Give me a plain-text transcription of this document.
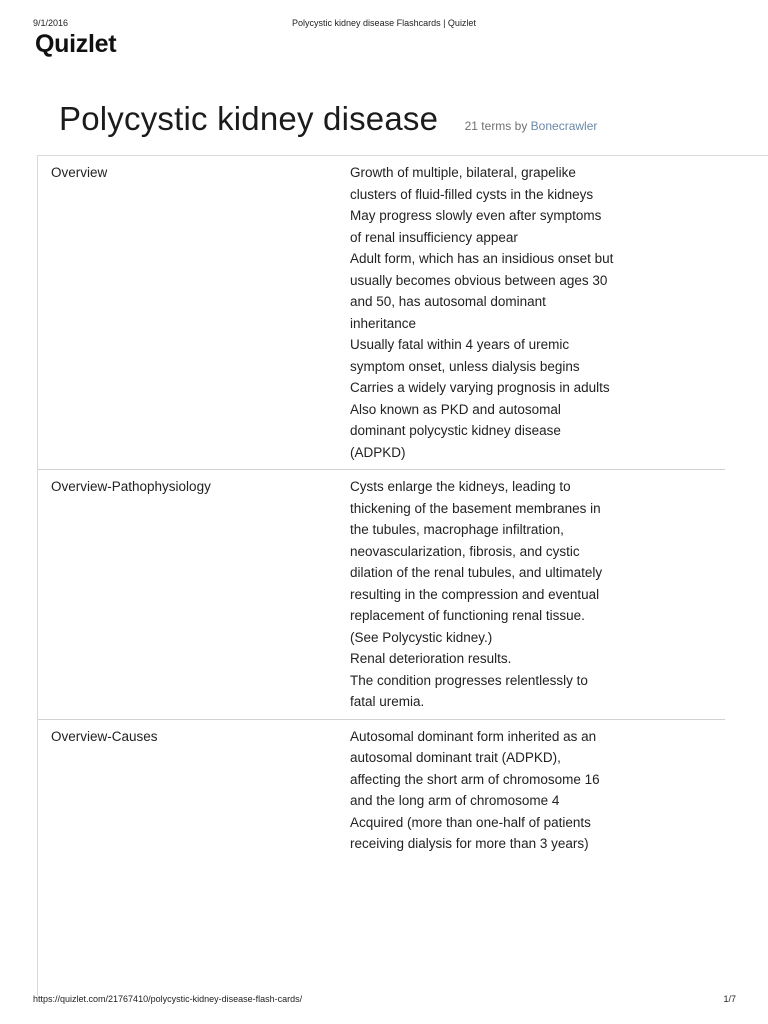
9/1/2016	Polycystic kidney disease Flashcards | Quizlet
Quizlet
Polycystic kidney disease 21 terms by Bonecrawler
Overview	Growth of multiple, bilateral, grapelike
clusters of fluid-filled cysts in the kidneys
May progress slowly even after symptoms
of renal insufficiency appear
Adult form, which has an insidious onset but
usually becomes obvious between ages 30
and 50, has autosomal dominant
inheritance
Usually fatal within 4 years of uremic
symptom onset, unless dialysis begins
Carries a widely varying prognosis in adults
Also known as PKD and autosomal
dominant polycystic kidney disease
(ADPKD)
Overview-Pathophysiology	Cysts enlarge the kidneys, leading to
thickening of the basement membranes in
the tubules, macrophage infiltration,
neovascularization, fibrosis, and cystic
dilation of the renal tubules, and ultimately
resulting in the compression and eventual
replacement of functioning renal tissue.
(See Polycystic kidney.)
Renal deterioration results.
The condition progresses relentlessly to
fatal uremia.
Overview-Causes	Autosomal dominant form inherited as an
autosomal dominant trait (ADPKD),
affecting the short arm of chromosome 16
and the long arm of chromosome 4
Acquired (more than one-half of patients
receiving dialysis for more than 3 years)
https://quizlet.com/21767410/polycystic-kidney-disease-flash-cards/	1/7
